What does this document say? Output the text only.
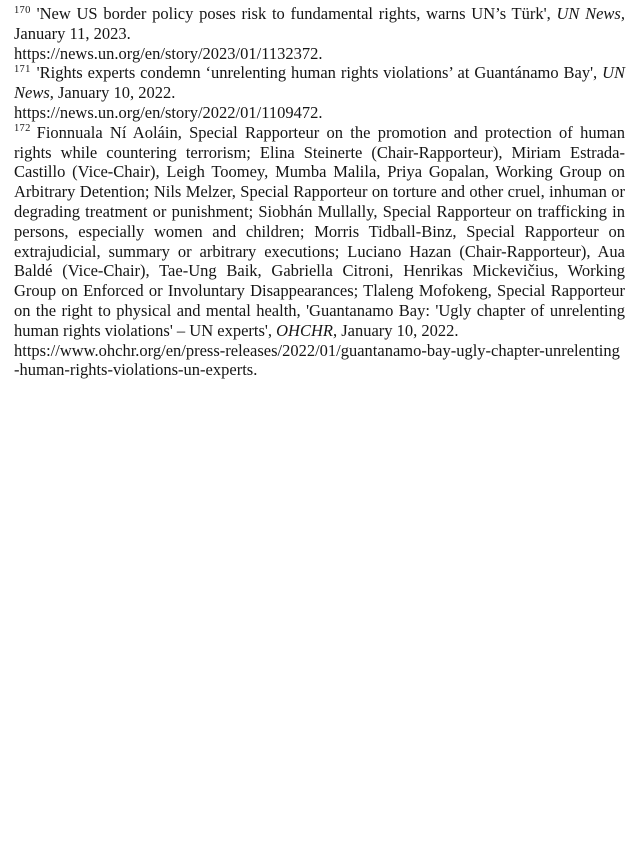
$^{170}$ 'New US border policy poses risk to fundamental rights, warns UN’s Türk', UN News, January 11, 2023.
https://news.un.org/en/story/2023/01/1132372.

$^{171}$ 'Rights experts condemn ‘unrelenting human rights violations’ at Guantánamo Bay', UN News, January 10, 2022.
https://news.un.org/en/story/2022/01/1109472.

$^{172}$ Fionnuala Ní Aoláin, Special Rapporteur on the promotion and protection of human rights while countering terrorism; Elina Steinerte (Chair-Rapporteur), Miriam Estrada-Castillo (Vice-Chair), Leigh Toomey, Mumba Malila, Priya Gopalan, Working Group on Arbitrary Detention; Nils Melzer, Special Rapporteur on torture and other cruel, inhuman or degrading treatment or punishment; Siobhán Mullally, Special Rapporteur on trafficking in persons, especially women and children; Morris Tidball-Binz, Special Rapporteur on extrajudicial, summary or arbitrary executions; Luciano Hazan (Chair-Rapporteur), Aua Baldé (Vice-Chair), Tae-Ung Baik, Gabriella Citroni, Henrikas Mickevičius, Working Group on Enforced or Involuntary Disappearances; Tlaleng Mofokeng, Special Rapporteur on the right to physical and mental health, 'Guantanamo Bay: 'Ugly chapter of unrelenting human rights violations' – UN experts', OHCHR, January 10, 2022.
https://www.ohchr.org/en/press-releases/2022/01/guantanamo-bay-ugly-chapter-unrelenting-human-rights-violations-un-experts.
